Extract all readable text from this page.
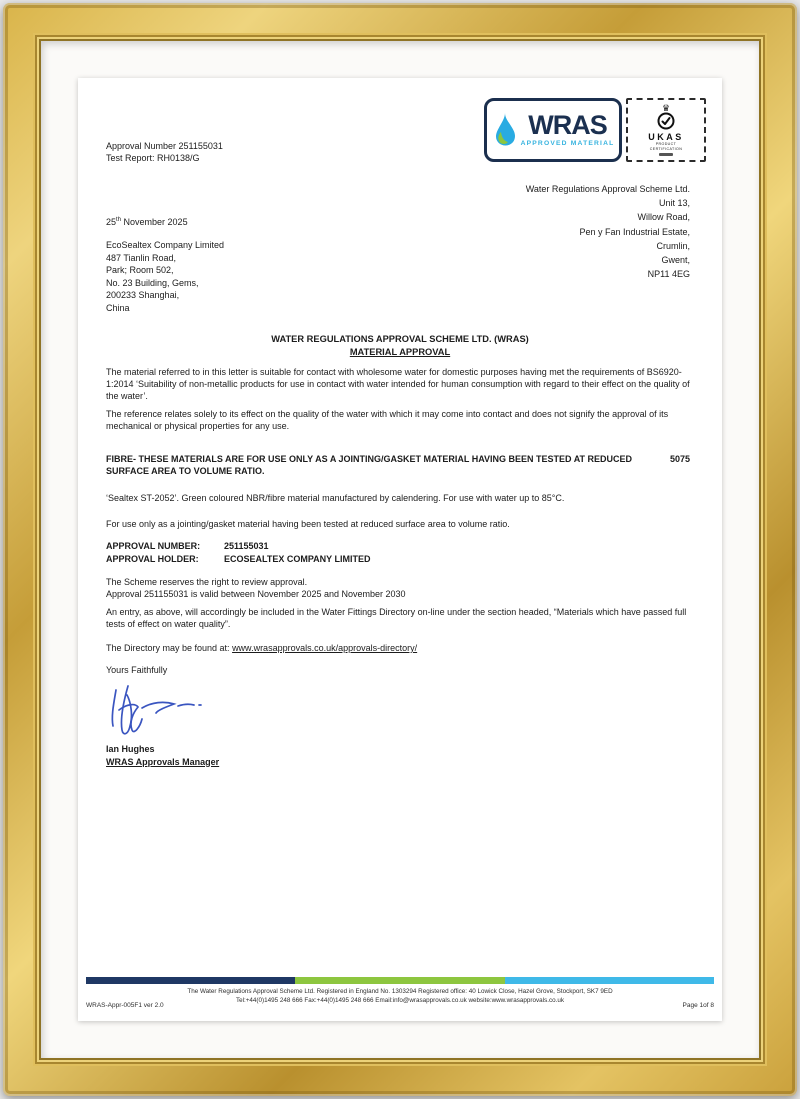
WRAS
APPROVED MATERIAL
♛
UKAS
PRODUCT
CERTIFICATION
Approval Number 251155031
Test Report: RH0138/G
Water Regulations Approval Scheme Ltd.
Unit 13,
Willow Road,
Pen y Fan Industrial Estate,
Crumlin,
Gwent,
NP11 4EG
25th November 2025
EcoSealtex Company Limited
487 Tianlin Road,
Park; Room 502,
No. 23 Building, Gems,
200233 Shanghai,
China
WATER REGULATIONS APPROVAL SCHEME LTD. (WRAS)
MATERIAL APPROVAL
The material referred to in this letter is suitable for contact with wholesome water for domestic purposes having met the requirements of BS6920-1:2014 ‘Suitability of non-metallic products for use in contact with water intended for human consumption with regard to their effect on the quality of the water’.
The reference relates solely to its effect on the quality of the water with which it may come into contact and does not signify the approval of its mechanical or physical properties for any use.
FIBRE- THESE MATERIALS ARE FOR USE ONLY AS A JOINTING/GASKET MATERIAL HAVING BEEN TESTED AT REDUCED SURFACE AREA TO VOLUME RATIO.
5075
‘Sealtex ST-2052’. Green coloured NBR/fibre material manufactured by calendering. For use with water up to 85°C.
For use only as a jointing/gasket material having been tested at reduced surface area to volume ratio.
APPROVAL NUMBER:	251155031
APPROVAL HOLDER:	ECOSEALTEX COMPANY LIMITED
The Scheme reserves the right to review approval.
Approval 251155031 is valid between November 2025 and November 2030
An entry, as above, will accordingly be included in the Water Fittings Directory on-line under the section headed, “Materials which have passed full tests of effect on water quality”.
The Directory may be found at: www.wrasapprovals.co.uk/approvals-directory/
Yours Faithfully
Ian Hughes
WRAS Approvals Manager
The Water Regulations Approval Scheme Ltd. Registered in England No. 1303294 Registered office: 40 Lowick Close, Hazel Grove, Stockport, SK7 9ED
Tel:+44(0)1495 248 666 Fax:+44(0)1495 248 666 Email:info@wrasapprovals.co.uk website:www.wrasapprovals.co.uk
WRAS-Appr-005F1 ver 2.0	Page 1of 8
